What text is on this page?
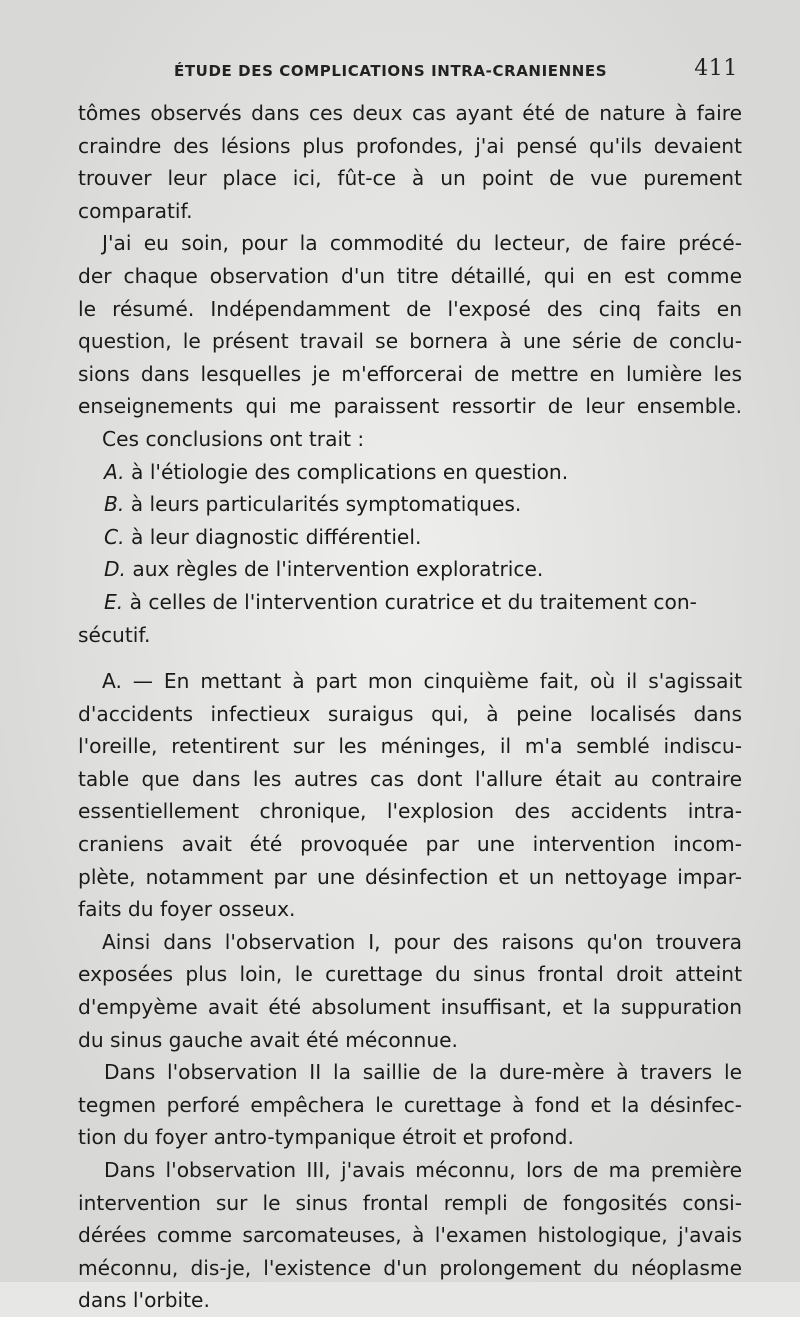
ÉTUDE DES COMPLICATIONS INTRA-CRANIENNES	411
tômes observés dans ces deux cas ayant été de nature à faire
craindre des lésions plus profondes, j'ai pensé qu'ils devaient
trouver leur place ici, fût-ce à un point de vue purement
comparatif.
J'ai eu soin, pour la commodité du lecteur, de faire précé-
der chaque observation d'un titre détaillé, qui en est comme
le résumé. Indépendamment de l'exposé des cinq faits en
question, le présent travail se bornera à une série de conclu-
sions dans lesquelles je m'efforcerai de mettre en lumière les
enseignements qui me paraissent ressortir de leur ensemble.
Ces conclusions ont trait :
A. à l'étiologie des complications en question.
B. à leurs particularités symptomatiques.
C. à leur diagnostic différentiel.
D. aux règles de l'intervention exploratrice.
E. à celles de l'intervention curatrice et du traitement con-
sécutif.
A. — En mettant à part mon cinquième fait, où il s'agissait
d'accidents infectieux suraigus qui, à peine localisés dans
l'oreille, retentirent sur les méninges, il m'a semblé indiscu-
table que dans les autres cas dont l'allure était au contraire
essentiellement chronique, l'explosion des accidents intra-
craniens avait été provoquée par une intervention incom-
plète, notamment par une désinfection et un nettoyage impar-
faits du foyer osseux.
Ainsi dans l'observation I, pour des raisons qu'on trouvera
exposées plus loin, le curettage du sinus frontal droit atteint
d'empyème avait été absolument insuffisant, et la suppuration
du sinus gauche avait été méconnue.
Dans l'observation II la saillie de la dure-mère à travers le
tegmen perforé empêchera le curettage à fond et la désinfec-
tion du foyer antro-tympanique étroit et profond.
Dans l'observation III, j'avais méconnu, lors de ma première
intervention sur le sinus frontal rempli de fongosités consi-
dérées comme sarcomateuses, à l'examen histologique, j'avais
méconnu, dis-je, l'existence d'un prolongement du néoplasme
dans l'orbite.
